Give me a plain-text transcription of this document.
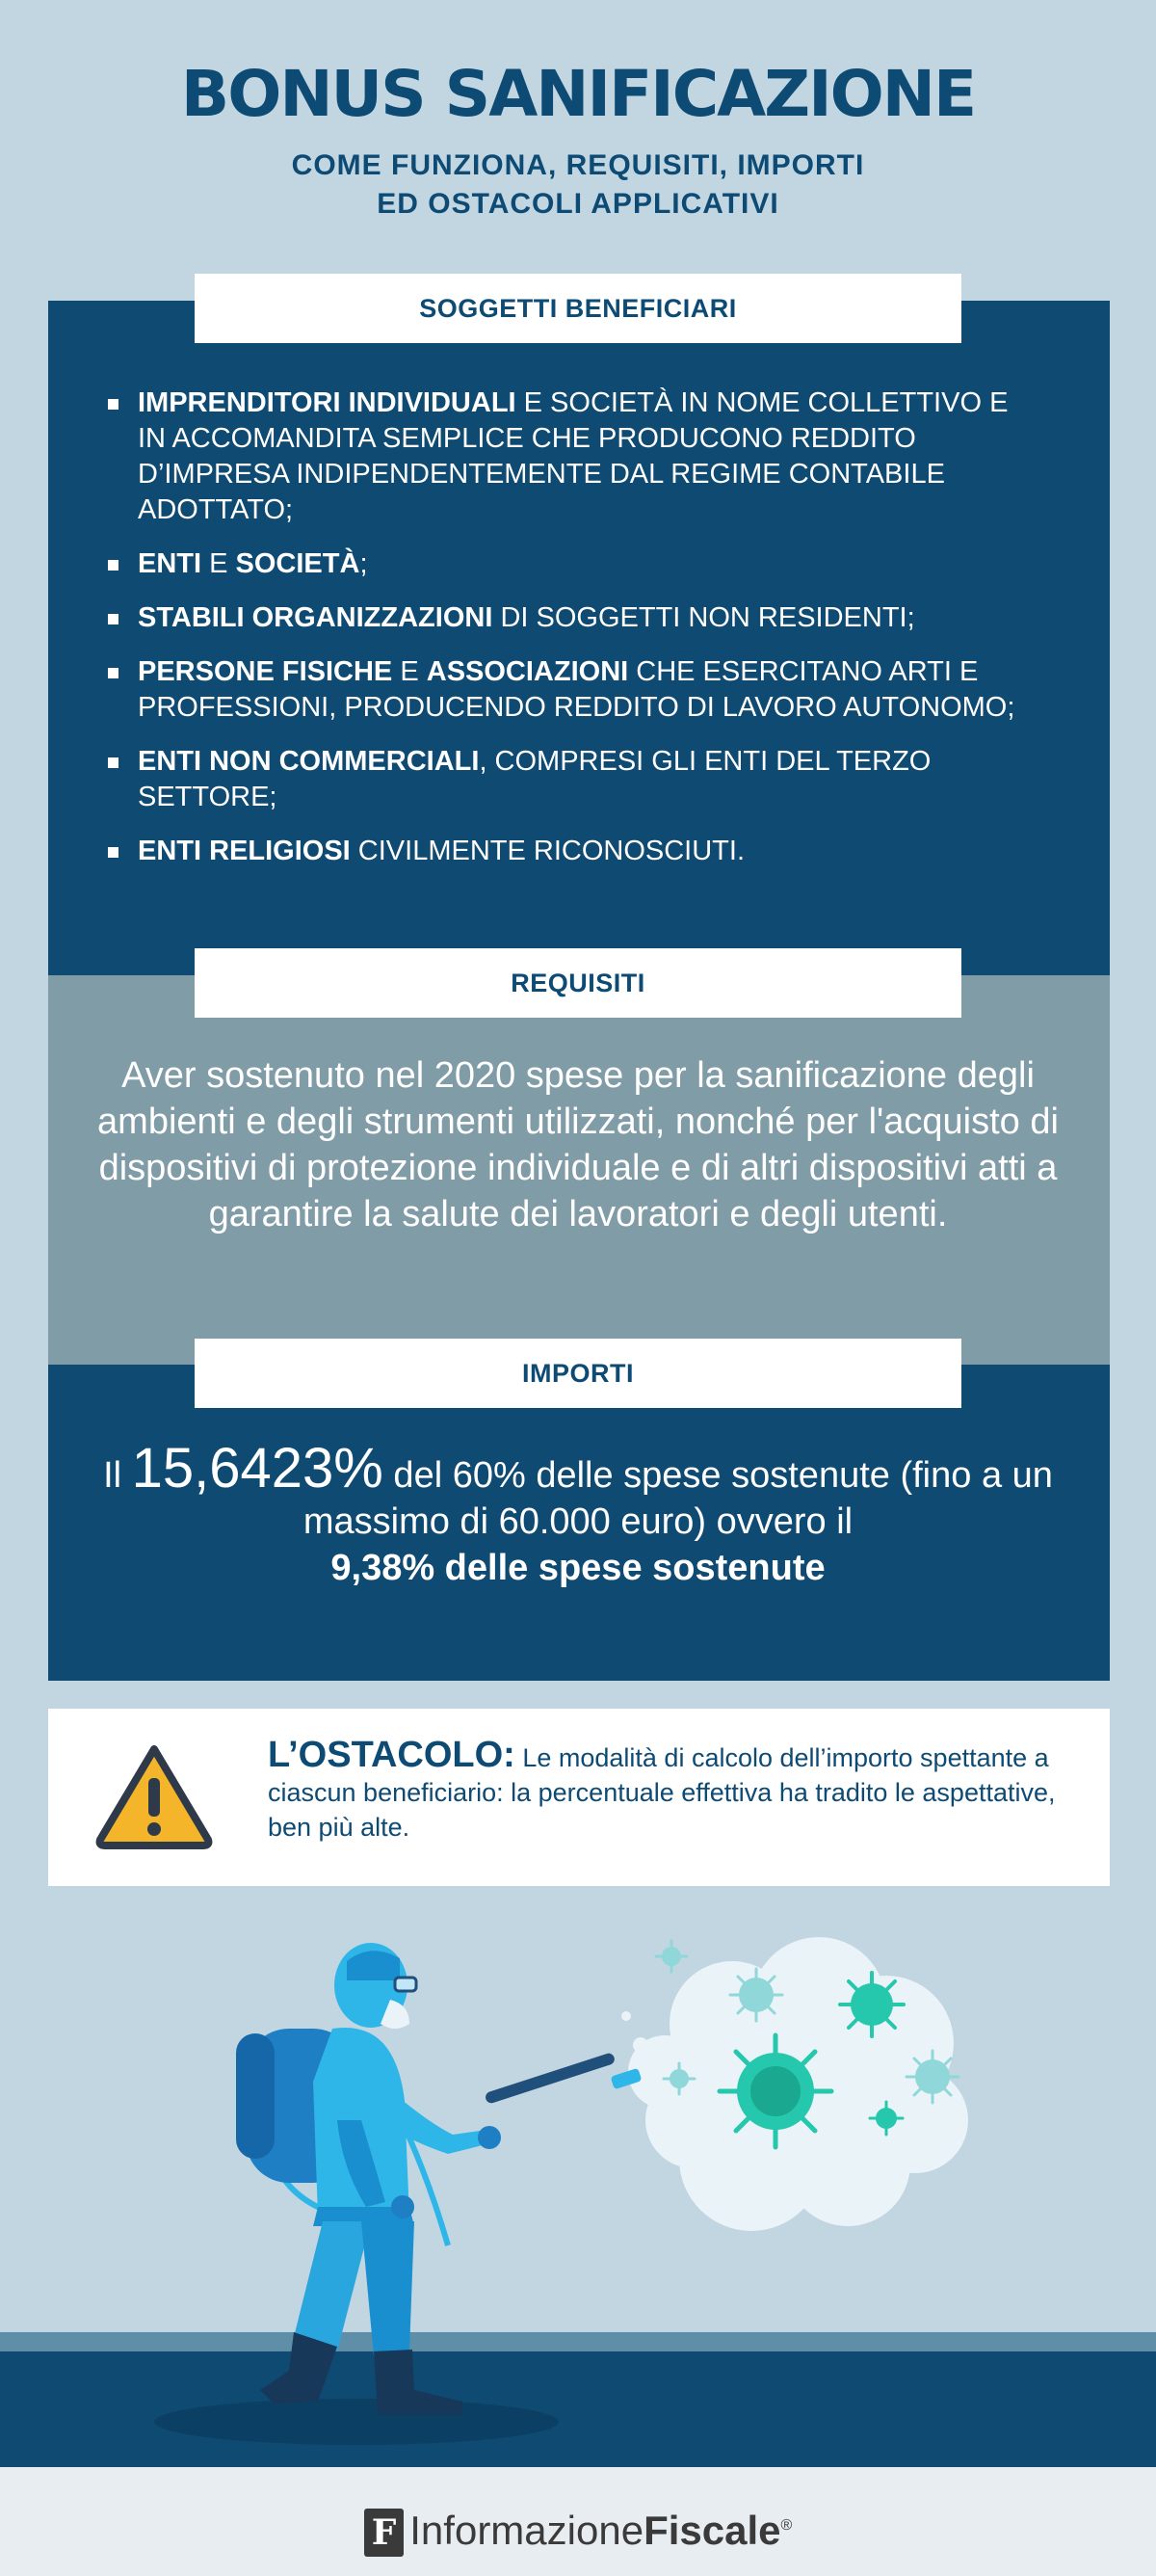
BONUS SANIFICAZIONE
COME FUNZIONA, REQUISITI, IMPORTI
ED OSTACOLI APPLICATIVI
SOGGETTI BENEFICIARI
IMPRENDITORI INDIVIDUALI E SOCIETÀ IN NOME COLLETTIVO E IN ACCOMANDITA SEMPLICE CHE PRODUCONO REDDITO D’IMPRESA INDIPENDENTEMENTE DAL REGIME CONTABILE ADOTTATO;
ENTI E SOCIETÀ;
STABILI ORGANIZZAZIONI DI SOGGETTI NON RESIDENTI;
PERSONE FISICHE E ASSOCIAZIONI CHE ESERCITANO ARTI E PROFESSIONI, PRODUCENDO REDDITO DI LAVORO AUTONOMO;
ENTI NON COMMERCIALI, COMPRESI GLI ENTI DEL TERZO SETTORE;
ENTI RELIGIOSI CIVILMENTE RICONOSCIUTI.
REQUISITI
Aver sostenuto nel 2020 spese per la sanificazione degli ambienti e degli strumenti utilizzati, nonché per l'acquisto di dispositivi di protezione individuale e di altri dispositivi atti a garantire la salute dei lavoratori e degli utenti.
IMPORTI
Il 15,6423% del 60% delle spese sostenute (fino a un massimo di 60.000 euro) ovvero il
9,38% delle spese sostenute
L’OSTACOLO: Le modalità di calcolo dell’importo spettante a ciascun beneficiario: la percentuale effettiva ha tradito le aspettative, ben più alte.
F InformazioneFiscale®
